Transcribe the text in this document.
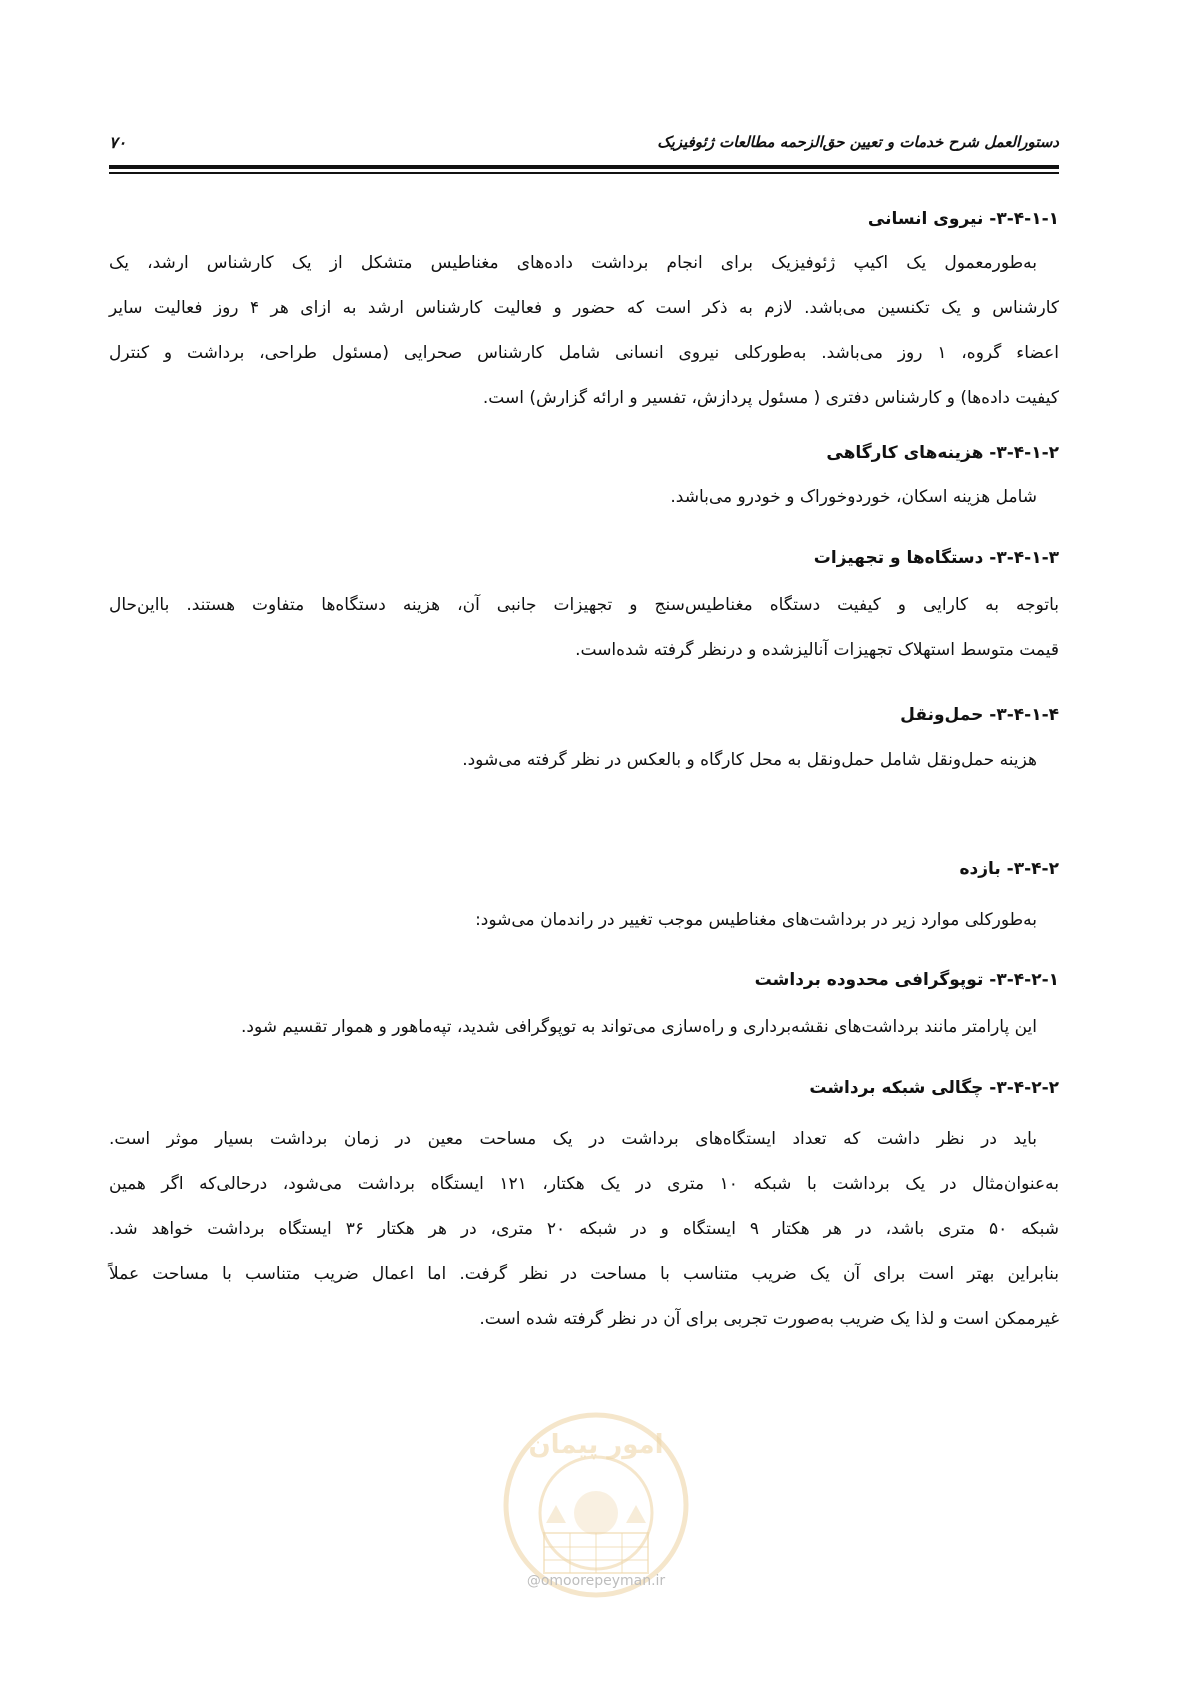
دستورالعمل شرح خدمات و تعیین حق‌الزحمه مطالعات ژئوفیزیک
۷۰
۳-۴-۱-۱- نیروی انسانی
به‌طورمعمول یک اکیپ ژئوفیزیک برای انجام برداشت داده‌های مغناطیس متشکل از یک کارشناس ارشد، یک
کارشناس و یک تکنسین می‌باشد. لازم به ذکر است که حضور و فعالیت کارشناس ارشد به ازای هر ۴ روز فعالیت سایر
اعضاء گروه، ۱ روز می‌باشد. به‌طورکلی نیروی انسانی شامل کارشناس صحرایی (مسئول طراحی، برداشت و کنترل
کیفیت داده‌ها) و کارشناس دفتری ( مسئول پردازش، تفسیر و ارائه گزارش) است.
۳-۴-۱-۲- هزینه‌های کارگاهی
شامل هزینه اسکان، خوردوخوراک و خودرو می‌باشد.
۳-۴-۱-۳- دستگاه‌ها و تجهیزات
باتوجه به کارایی و کیفیت دستگاه مغناطیس‌سنج و تجهیزات جانبی آن، هزینه دستگاه‌ها متفاوت هستند. بااین‌حال
قیمت متوسط استهلاک تجهیزات آنالیزشده و درنظر گرفته شده‌است.
۳-۴-۱-۴- حمل‌ونقل
هزینه حمل‌ونقل شامل حمل‌ونقل به محل کارگاه و بالعکس در نظر گرفته می‌شود.
۳-۴-۲- بازده
به‌طورکلی موارد زیر در برداشت‌های مغناطیس موجب تغییر در راندمان می‌شود:
۳-۴-۲-۱- توپوگرافی محدوده برداشت
این پارامتر مانند برداشت‌های نقشه‌برداری و راه‌سازی می‌تواند به توپوگرافی شدید، تپه‌ماهور و هموار تقسیم شود.
۳-۴-۲-۲- چگالی شبکه برداشت
باید در نظر داشت که تعداد ایستگاه‌های برداشت در یک مساحت معین در زمان برداشت بسیار موثر است.
به‌عنوان‌مثال در یک برداشت با شبکه ۱۰ متری در یک هکتار، ۱۲۱ ایستگاه برداشت می‌شود، درحالی‌که اگر همین
شبکه ۵۰ متری باشد، در هر هکتار ۹ ایستگاه و در شبکه ۲۰ متری، در هر هکتار ۳۶ ایستگاه برداشت خواهد شد.
بنابراین بهتر است برای آن یک ضریب متناسب با مساحت در نظر گرفت. اما اعمال ضریب متناسب با مساحت عملاً
غیرممکن است و لذا یک ضریب به‌صورت تجربی برای آن در نظر گرفته شده است.
امور پیمان
@omoorepeyman.ir
